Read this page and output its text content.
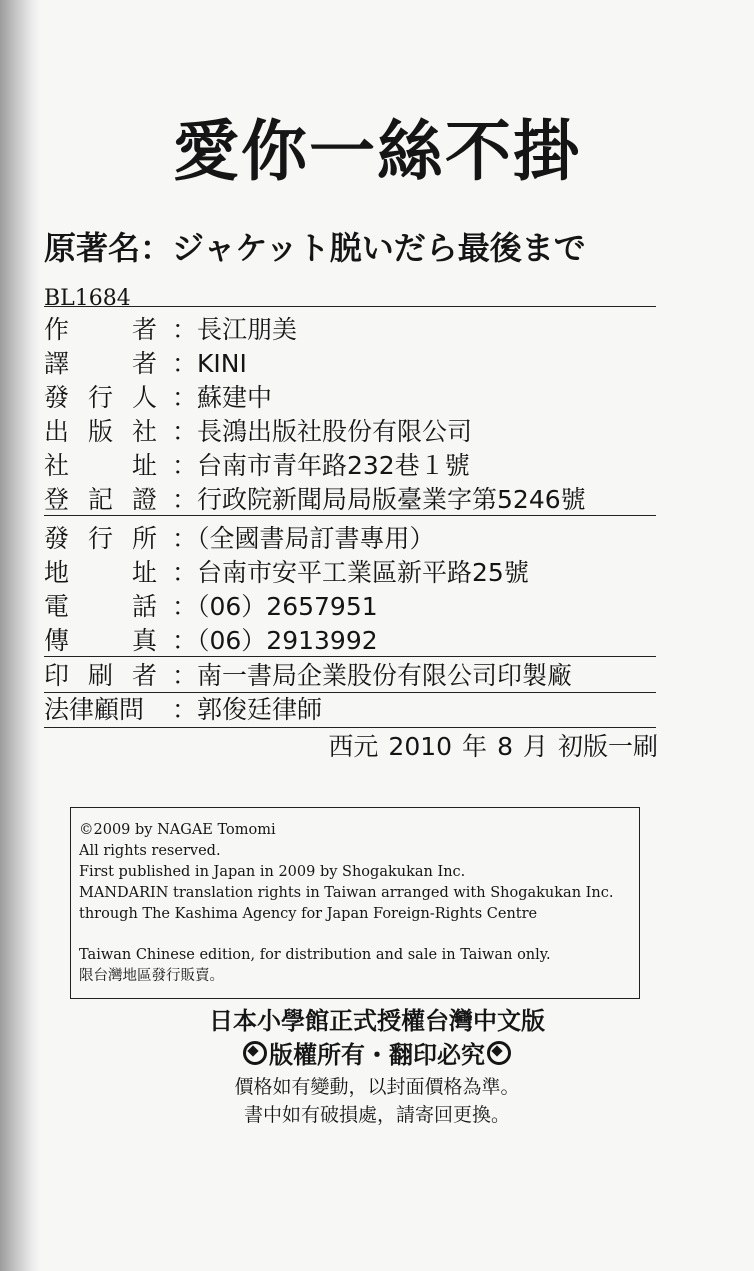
愛你一絲不掛
原著名：ジャケット脱いだら最後まで
BL1684
作	者 ：長江朋美
譯	者 ：KINI
發 行 人 ：蘇建中
出 版 社 ：長鴻出版社股份有限公司
社	址 ：台南市青年路232巷１號
登 記 證 ：行政院新聞局局版臺業字第5246號
發 行 所 ：（全國書局訂書專用）
地	址 ：台南市安平工業區新平路25號
電	話 ：（06）2657951
傳	真 ：（06）2913992
印 刷 者 ：南一書局企業股份有限公司印製廠
法律顧問 ：郭俊廷律師
西元 2010 年 8 月 初版一刷
©2009 by NAGAE Tomomi
All rights reserved.
First published in Japan in 2009 by Shogakukan Inc.
MANDARIN translation rights in Taiwan arranged with Shogakukan Inc.
through The Kashima Agency for Japan Foreign-Rights Centre
Taiwan Chinese edition, for distribution and sale in Taiwan only.
限台灣地區發行販賣。
日本小學館正式授權台灣中文版
版權所有・翻印必究
價格如有變動，以封面價格為準。
書中如有破損處，請寄回更換。
